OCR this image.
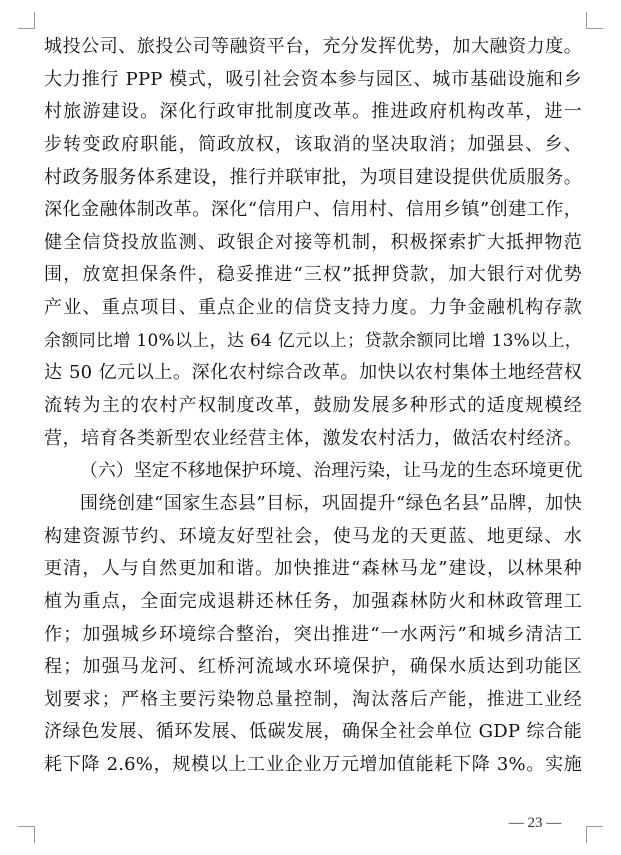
城投公司、旅投公司等融资平台，充分发挥优势，加大融资力度。
大力推行 PPP 模式，吸引社会资本参与园区、城市基础设施和乡
村旅游建设。深化行政审批制度改革。推进政府机构改革，进一
步转变政府职能，简政放权，该取消的坚决取消；加强县、乡、
村政务服务体系建设，推行并联审批，为项目建设提供优质服务。
深化金融体制改革。深化“信用户、信用村、信用乡镇”创建工作，
健全信贷投放监测、政银企对接等机制，积极探索扩大抵押物范
围，放宽担保条件，稳妥推进“三权”抵押贷款，加大银行对优势
产业、重点项目、重点企业的信贷支持力度。力争金融机构存款
余额同比增 10%以上，达 64 亿元以上；贷款余额同比增 13%以上，
达 50 亿元以上。深化农村综合改革。加快以农村集体土地经营权
流转为主的农村产权制度改革，鼓励发展多种形式的适度规模经
营，培育各类新型农业经营主体，激发农村活力，做活农村经济。
（六）坚定不移地保护环境、治理污染，让马龙的生态环境更优
围绕创建“国家生态县”目标，巩固提升“绿色名县”品牌，加快
构建资源节约、环境友好型社会，使马龙的天更蓝、地更绿、水
更清，人与自然更加和谐。加快推进“森林马龙”建设，以林果种
植为重点，全面完成退耕还林任务，加强森林防火和林政管理工
作；加强城乡环境综合整治，突出推进“一水两污”和城乡清洁工
程；加强马龙河、红桥河流域水环境保护，确保水质达到功能区
划要求；严格主要污染物总量控制，淘汰落后产能，推进工业经
济绿色发展、循环发展、低碳发展，确保全社会单位 GDP 综合能
耗下降 2.6%，规模以上工业企业万元增加值能耗下降 3%。实施
— 23 —
